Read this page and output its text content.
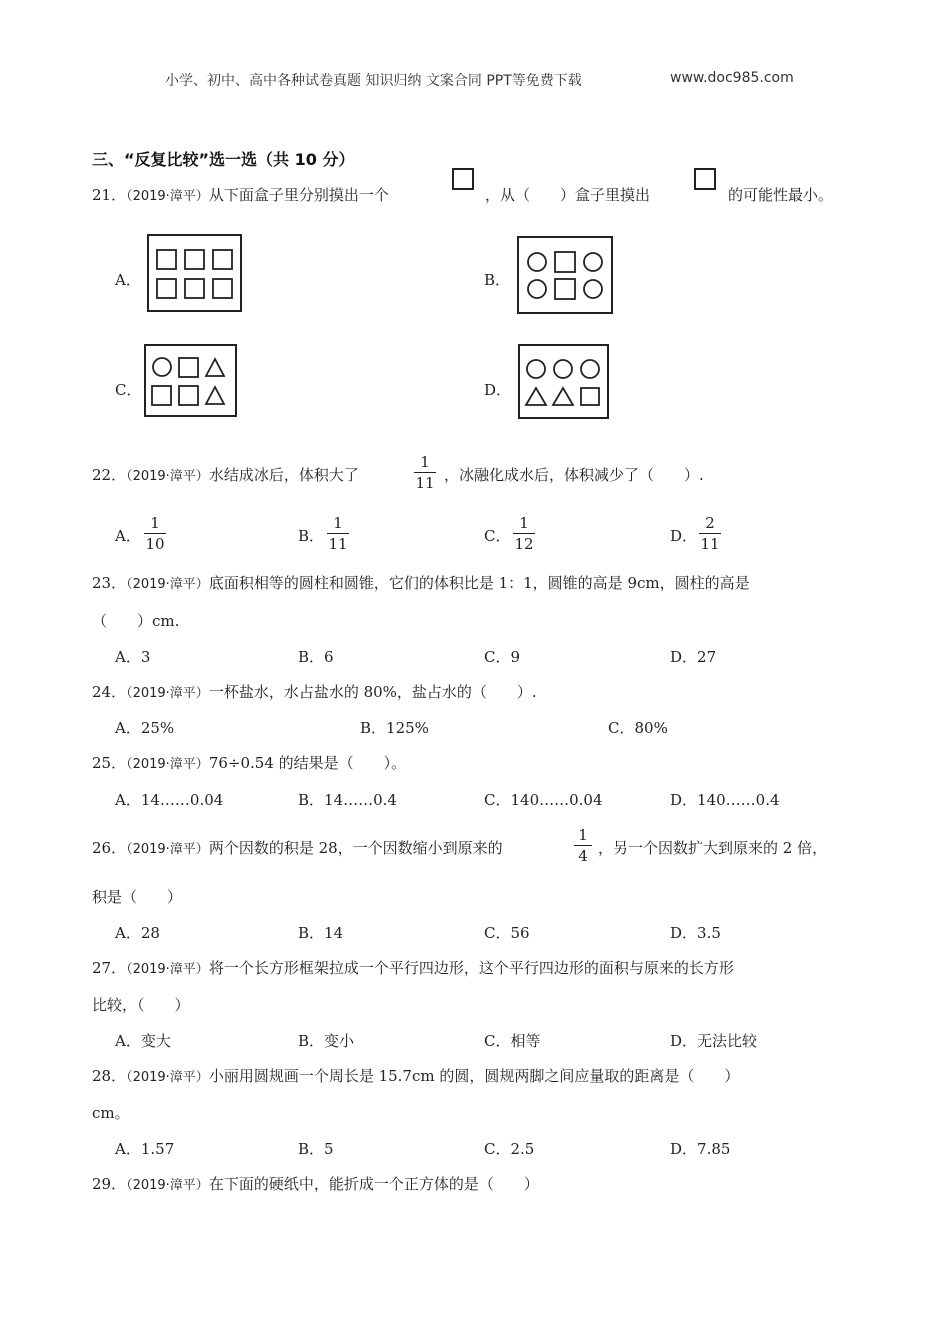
小学、初中、高中各种试卷真题 知识归纳 文案合同 PPT等免费下载	www.doc985.com
三、“反复比较”选一选（共 10 分）
21．（2019·漳平）从下面盒子里分别摸出一个	，从（　　）盒子里摸出	的可能性最小。
A．	B．
C．	D．
22．（2019·漳平）水结成冰后，体积大了
1
11 ，冰融化成水后，体积减少了（　　）.
A．
1
10	B．
1
11	C．
1
12	D．
2
11
23．（2019·漳平）底面积相等的圆柱和圆锥，它们的体积比是 1：1，圆锥的高是 9cm，圆柱的高是
（　　）cm.
A．3	B．6	C．9	D．27
24．（2019·漳平）一杯盐水，水占盐水的 80%，盐占水的（　　）.
A．25%	B．125%	C．80%
25．（2019·漳平）76÷0.54 的结果是（　　）。
A．14……0.04	B．14……0.4	C．140……0.04	D．140……0.4
26．（2019·漳平）两个因数的积是 28，一个因数缩小到原来的
1
4 ，另一个因数扩大到原来的 2 倍，
积是（　　）
A．28	B．14	C．56	D．3.5
27．（2019·漳平）将一个长方形框架拉成一个平行四边形，这个平行四边形的面积与原来的长方形
比较，（　　）
A．变大	B．变小	C．相等	D．无法比较
28．（2019·漳平）小丽用圆规画一个周长是 15.7cm 的圆，圆规两脚之间应量取的距离是（　　）
cm。
A．1.57	B．5	C．2.5	D．7.85
29．（2019·漳平）在下面的硬纸中，能折成一个正方体的是（　　）
